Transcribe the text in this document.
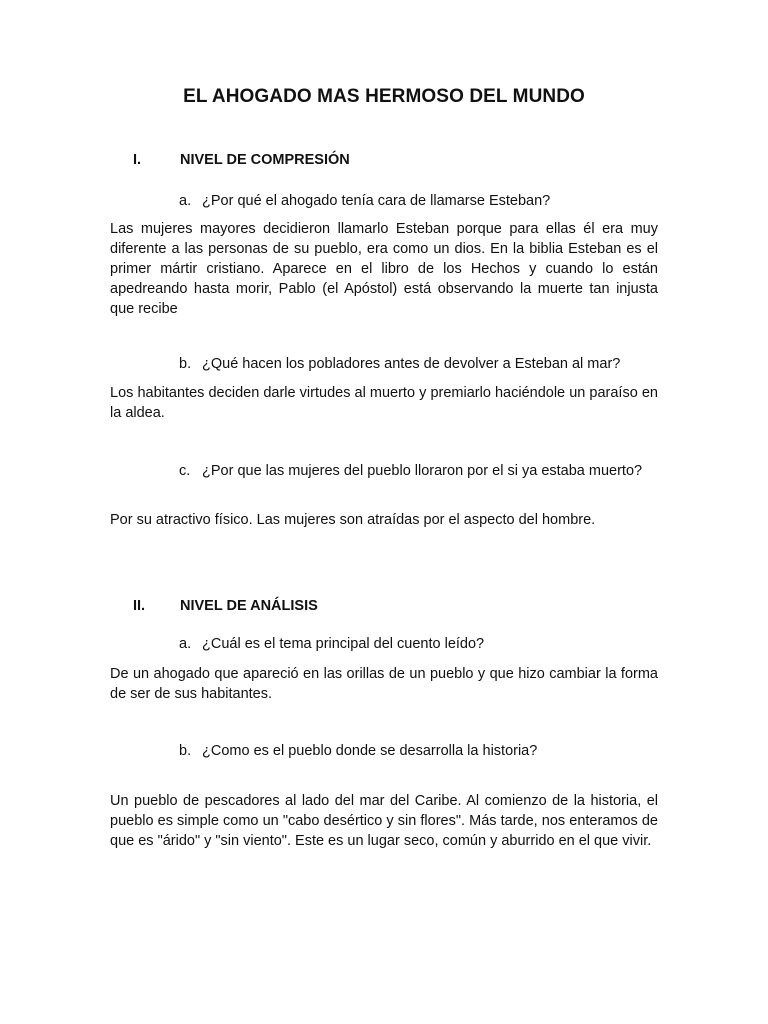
EL AHOGADO MAS HERMOSO DEL MUNDO
I.	NIVEL DE COMPRESIÓN
a. ¿Por qué el ahogado tenía cara de llamarse Esteban?
Las mujeres mayores decidieron llamarlo Esteban porque para ellas él era muy diferente a las personas de su pueblo, era como un dios. En la biblia Esteban es el primer mártir cristiano. Aparece en el libro de los Hechos y cuando lo están apedreando hasta morir, Pablo (el Apóstol) está observando la muerte tan injusta que recibe
b. ¿Qué hacen los pobladores antes de devolver a Esteban al mar?
Los habitantes deciden darle virtudes al muerto y premiarlo haciéndole un paraíso en la aldea.
c. ¿Por que las mujeres del pueblo lloraron por el si ya estaba muerto?
Por su atractivo físico. Las mujeres son atraídas por el aspecto del hombre.
II.	NIVEL DE ANÁLISIS
a. ¿Cuál es el tema principal del cuento leído?
De un ahogado que apareció en las orillas de un pueblo y que hizo cambiar la forma de ser de sus habitantes.
b. ¿Como es el pueblo donde se desarrolla la historia?
Un pueblo de pescadores al lado del mar del Caribe. Al comienzo de la historia, el pueblo es simple como un "cabo desértico y sin flores". Más tarde, nos enteramos de que es "árido" y "sin viento". Este es un lugar seco, común y aburrido en el que vivir.
